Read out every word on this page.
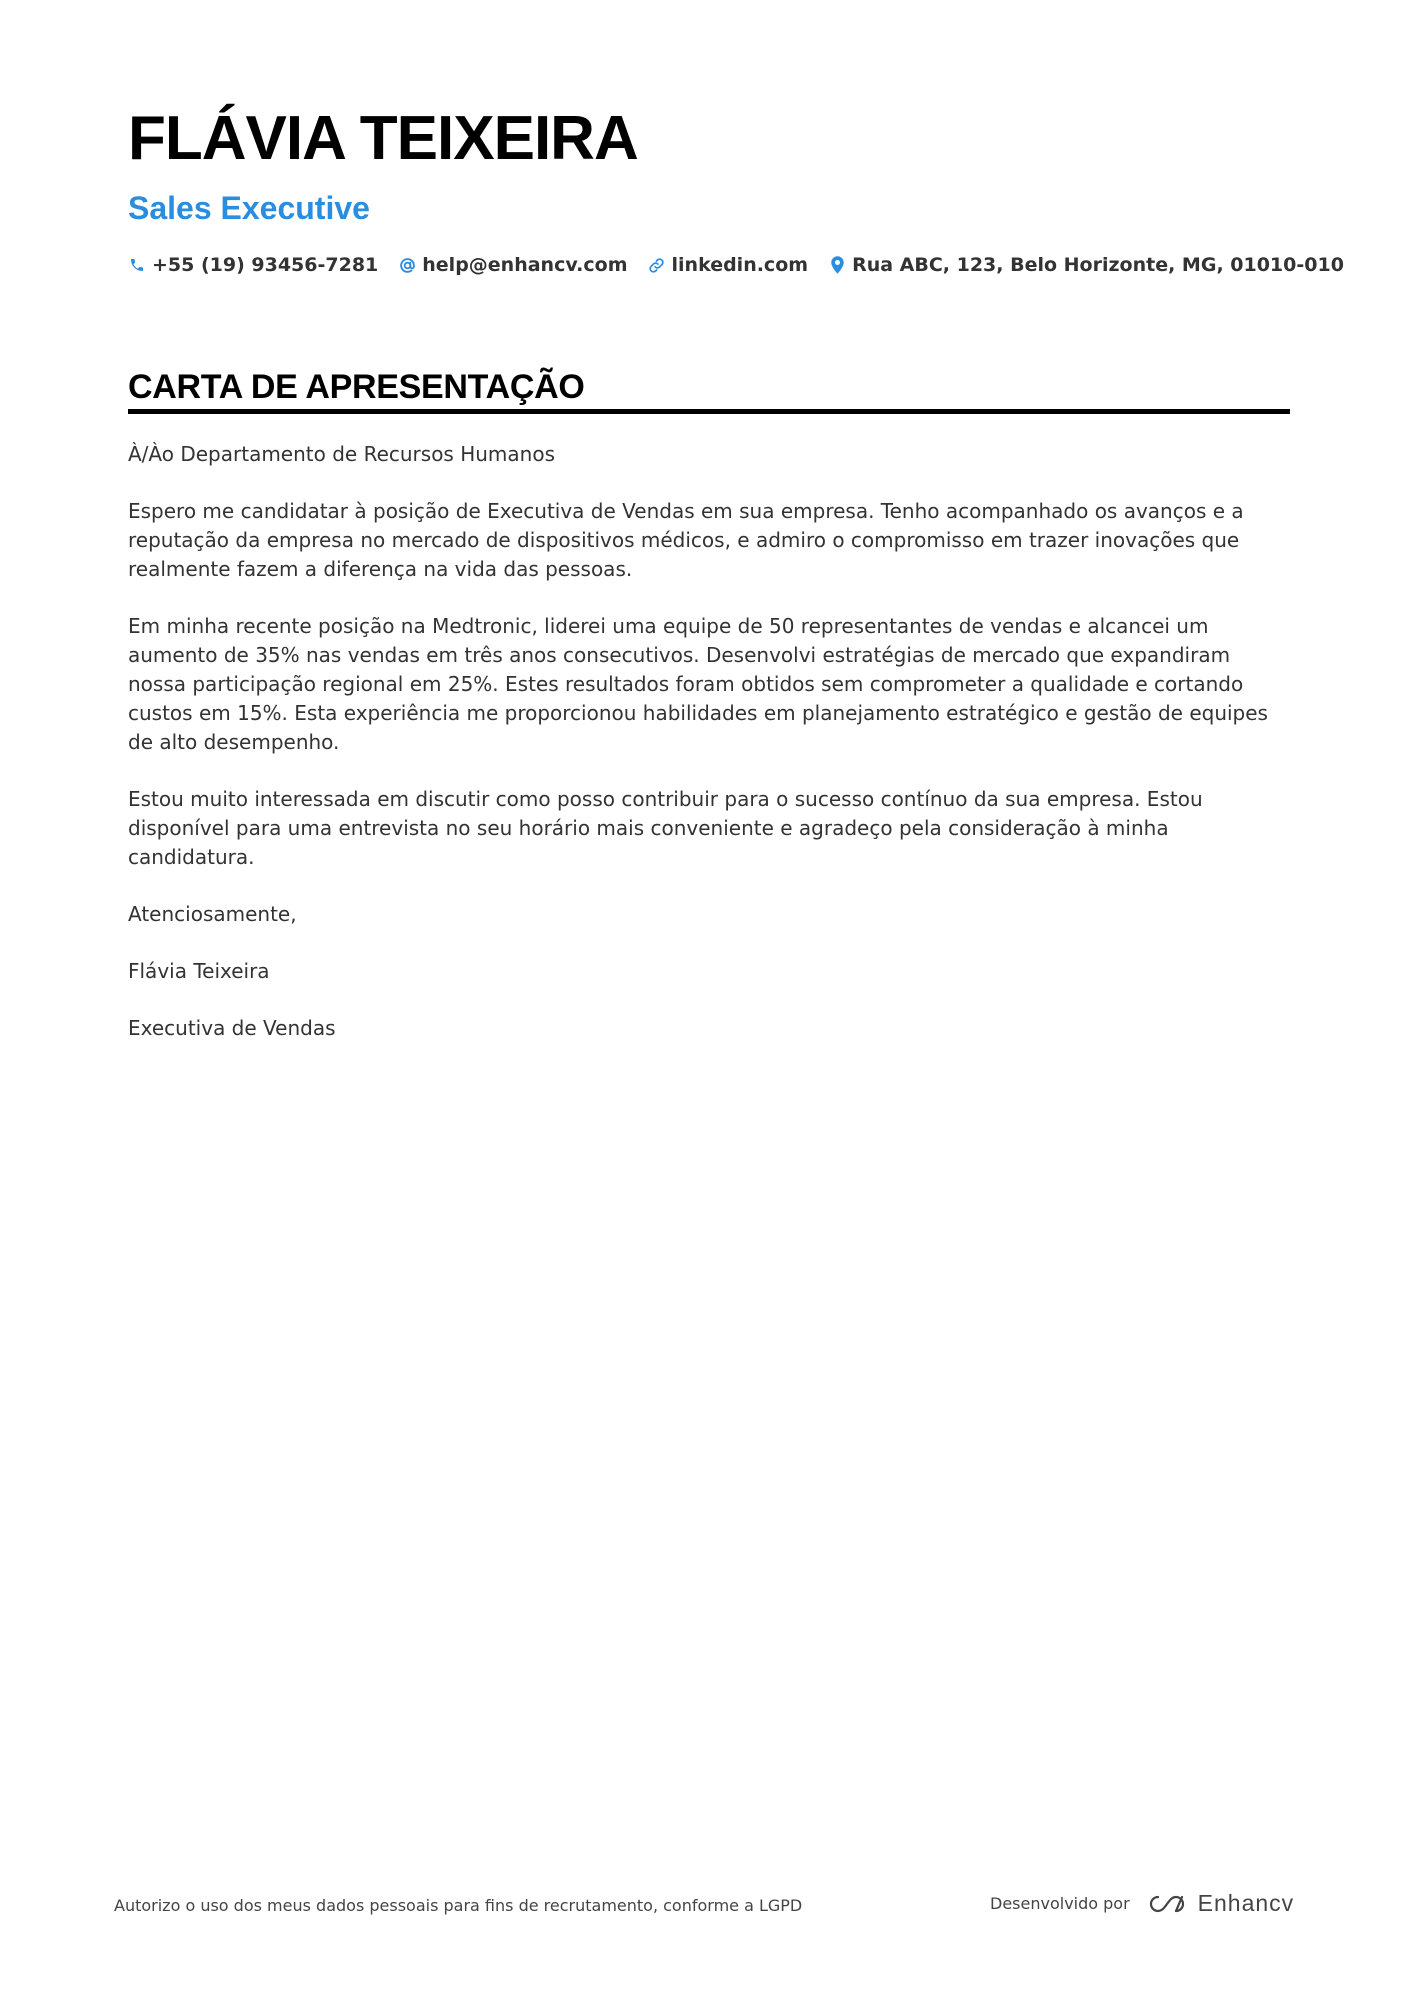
FLÁVIA TEIXEIRA
Sales Executive
+55 (19) 93456-7281 help@enhancv.com linkedin.com Rua ABC, 123, Belo Horizonte, MG, 01010-010
CARTA DE APRESENTAÇÃO

À/Ào Departamento de Recursos Humanos

Espero me candidatar à posição de Executiva de Vendas em sua empresa. Tenho acompanhado os avanços e a reputação da empresa no mercado de dispositivos médicos, e admiro o compromisso em trazer inovações que realmente fazem a diferença na vida das pessoas.

Em minha recente posição na Medtronic, liderei uma equipe de 50 representantes de vendas e alcancei um aumento de 35% nas vendas em três anos consecutivos. Desenvolvi estratégias de mercado que expandiram nossa participação regional em 25%. Estes resultados foram obtidos sem comprometer a qualidade e cortando custos em 15%. Esta experiência me proporcionou habilidades em planejamento estratégico e gestão de equipes de alto desempenho.

Estou muito interessada em discutir como posso contribuir para o sucesso contínuo da sua empresa. Estou disponível para uma entrevista no seu horário mais conveniente e agradeço pela consideração à minha candidatura.

Atenciosamente,

Flávia Teixeira

Executiva de Vendas

Autorizo o uso dos meus dados pessoais para fins de recrutamento, conforme a LGPD	Desenvolvido por	Enhancv
